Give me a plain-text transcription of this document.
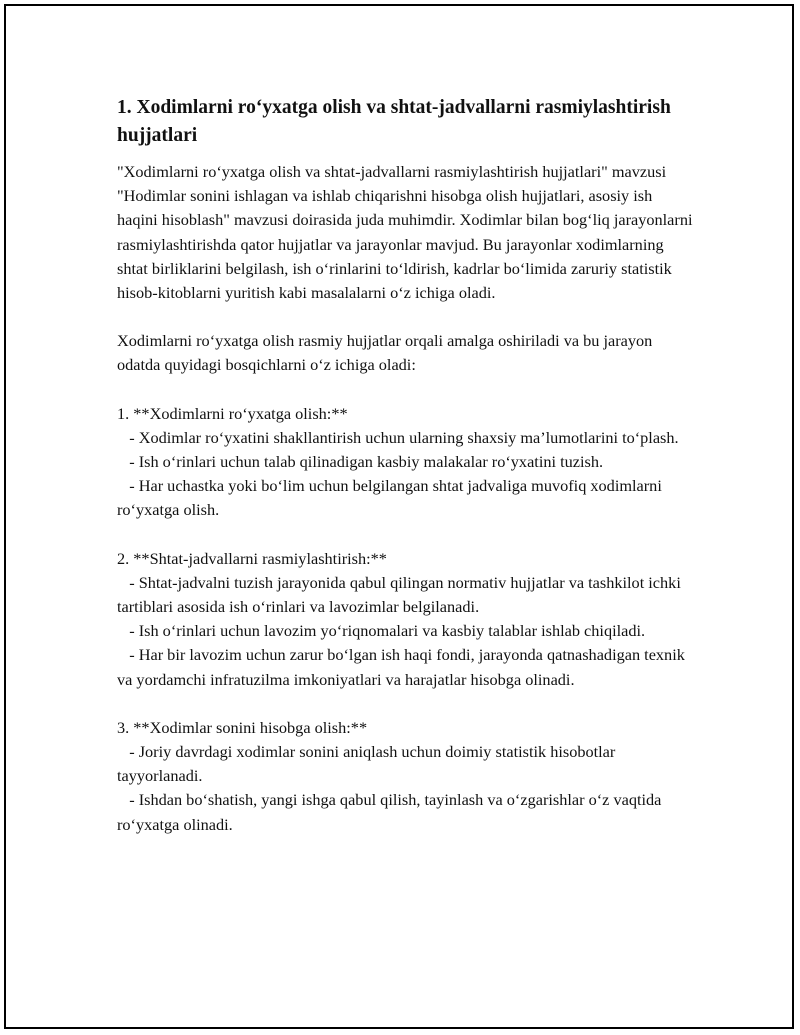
1. Xodimlarni ro‘yxatga olish va shtat-jadvallarni rasmiylashtirish hujjatlari

"Xodimlarni ro‘yxatga olish va shtat-jadvallarni rasmiylashtirish hujjatlari" mavzusi "Hodimlar sonini ishlagan va ishlab chiqarishni hisobga olish hujjatlari, asosiy ish haqini hisoblash" mavzusi doirasida juda muhimdir. Xodimlar bilan bog‘liq jarayonlarni rasmiylashtirishda qator hujjatlar va jarayonlar mavjud. Bu jarayonlar xodimlarning shtat birliklarini belgilash, ish o‘rinlarini to‘ldirish, kadrlar bo‘limida zaruriy statistik hisob-kitoblarni yuritish kabi masalalarni o‘z ichiga oladi.

Xodimlarni ro‘yxatga olish rasmiy hujjatlar orqali amalga oshiriladi va bu jarayon odatda quyidagi bosqichlarni o‘z ichiga oladi:

1. **Xodimlarni ro‘yxatga olish:**
- Xodimlar ro‘yxatini shakllantirish uchun ularning shaxsiy ma’lumotlarini to‘plash.
- Ish o‘rinlari uchun talab qilinadigan kasbiy malakalar ro‘yxatini tuzish.
- Har uchastka yoki bo‘lim uchun belgilangan shtat jadvaliga muvofiq xodimlarni ro‘yxatga olish.

2. **Shtat-jadvallarni rasmiylashtirish:**
- Shtat-jadvalni tuzish jarayonida qabul qilingan normativ hujjatlar va tashkilot ichki tartiblari asosida ish o‘rinlari va lavozimlar belgilanadi.
- Ish o‘rinlari uchun lavozim yo‘riqnomalari va kasbiy talablar ishlab chiqiladi.
- Har bir lavozim uchun zarur bo‘lgan ish haqi fondi, jarayonda qatnashadigan texnik va yordamchi infratuzilma imkoniyatlari va harajatlar hisobga olinadi.

3. **Xodimlar sonini hisobga olish:**
- Joriy davrdagi xodimlar sonini aniqlash uchun doimiy statistik hisobotlar tayyorlanadi.
- Ishdan bo‘shatish, yangi ishga qabul qilish, tayinlash va o‘zgarishlar o‘z vaqtida ro‘yxatga olinadi.
